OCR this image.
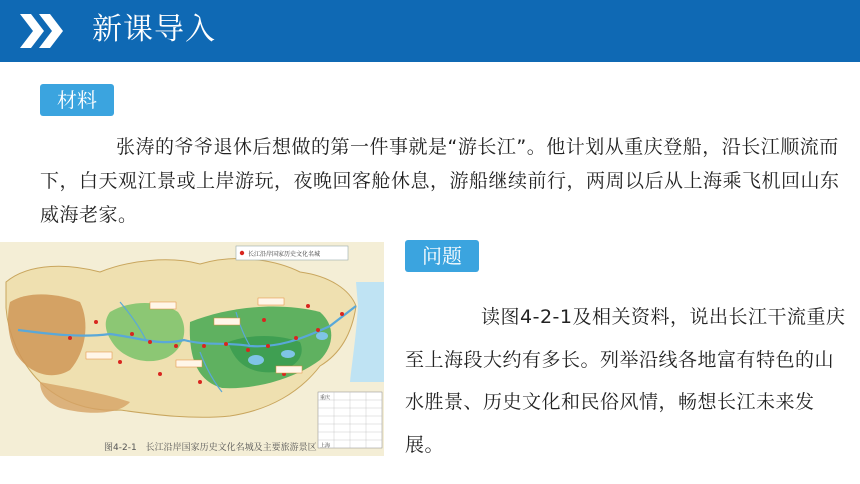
新课导入
材料
张涛的爷爷退休后想做的第一件事就是“游长江”。他计划从重庆登船，沿长江顺流而下，白天观江景或上岸游玩，夜晚回客舱休息，游船继续前行，两周以后从上海乘飞机回山东威海老家。
问题
读图4-2-1及相关资料，说出长江干流重庆至上海段大约有多长。列举沿线各地富有特色的山水胜景、历史文化和民俗风情，畅想长江未来发展。
长江沿岸国家历史文化名城
上海
重庆
图4-2-1　长江沿岸国家历史文化名城及主要旅游景区
